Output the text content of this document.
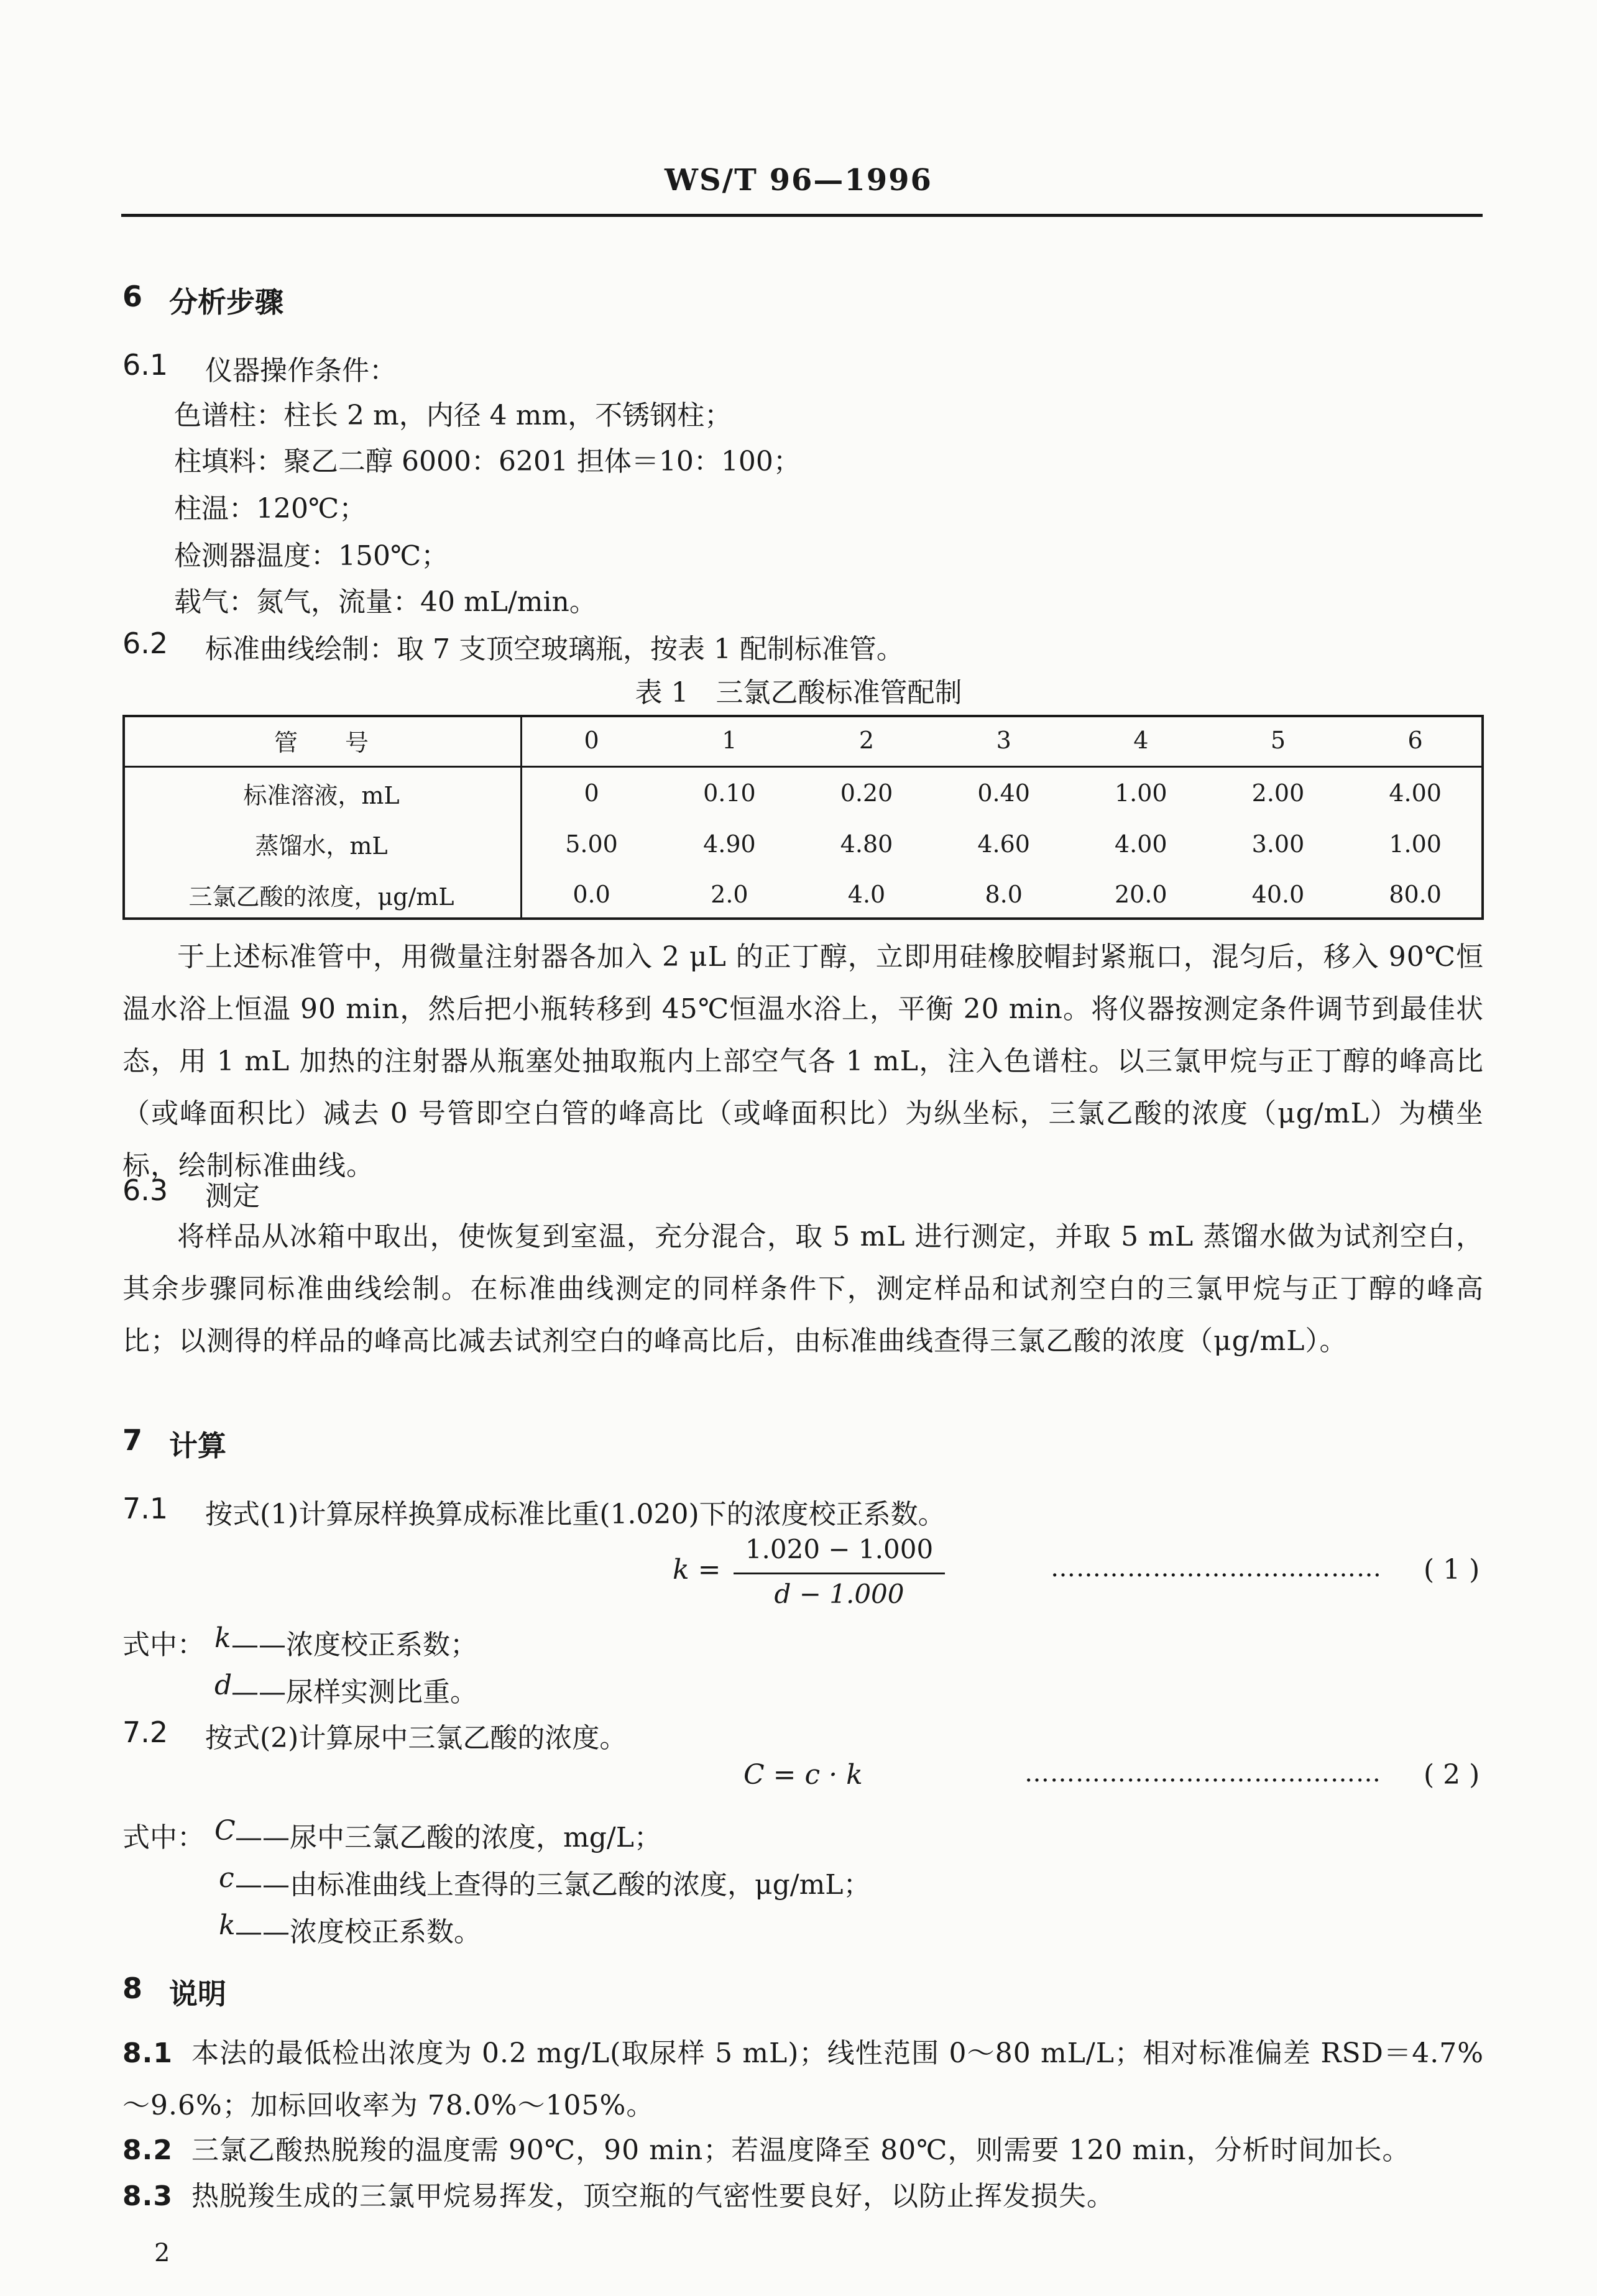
WS/T 96—1996
6 分析步骤
6.1 仪器操作条件：
色谱柱：柱长 2 m，内径 4 mm，不锈钢柱；
柱填料：聚乙二醇 6000：6201 担体＝10：100；
柱温：120℃；
检测器温度：150℃；
载气：氮气，流量：40 mL/min。
6.2 标准曲线绘制：取 7 支顶空玻璃瓶，按表 1 配制标准管。
表 1　三氯乙酸标准管配制
管　　号	0	1	2	3	4	5	6
标准溶液，mL	0	0.10	0.20	0.40	1.00	2.00	4.00
蒸馏水，mL	5.00	4.90	4.80	4.60	4.00	3.00	1.00
三氯乙酸的浓度，μg/mL	0.0	2.0	4.0	8.0	20.0	40.0	80.0
于上述标准管中，用微量注射器各加入 2 μL 的正丁醇，立即用硅橡胶帽封紧瓶口，混匀后，移入 90℃恒温水浴上恒温 90 min，然后把小瓶转移到 45℃恒温水浴上，平衡 20 min。将仪器按测定条件调节到最佳状态，用 1 mL 加热的注射器从瓶塞处抽取瓶内上部空气各 1 mL，注入色谱柱。以三氯甲烷与正丁醇的峰高比（或峰面积比）减去 0 号管即空白管的峰高比（或峰面积比）为纵坐标，三氯乙酸的浓度（μg/mL）为横坐标，绘制标准曲线。
6.3 测定
将样品从冰箱中取出，使恢复到室温，充分混合，取 5 mL 进行测定，并取 5 mL 蒸馏水做为试剂空白，其余步骤同标准曲线绘制。在标准曲线测定的同样条件下，测定样品和试剂空白的三氯甲烷与正丁醇的峰高比；以测得的样品的峰高比减去试剂空白的峰高比后，由标准曲线查得三氯乙酸的浓度（μg/mL）。
7 计算
7.1 按式(1)计算尿样换算成标准比重(1.020)下的浓度校正系数。
k =
1.020 − 1.000
d − 1.000
………………………………… ( 1 )
式中： k ——浓度校正系数；
d
——尿样实测比重。
7.2 按式(2)计算尿中三氯乙酸的浓度。
C = c · k	…………………………………… ( 2 )
式中： C ——尿中三氯乙酸的浓度，mg/L；
c ——由标准曲线上查得的三氯乙酸的浓度，μg/mL；
k ——浓度校正系数。
8 说明
8.1 本法的最低检出浓度为 0.2 mg/L(取尿样 5 mL)；线性范围 0～80 mL/L；相对标准偏差 RSD＝4.7%～9.6%；加标回收率为 78.0%～105%。
8.2 三氯乙酸热脱羧的温度需 90℃，90 min；若温度降至 80℃，则需要 120 min，分析时间加长。
8.3 热脱羧生成的三氯甲烷易挥发，顶空瓶的气密性要良好，以防止挥发损失。
2
